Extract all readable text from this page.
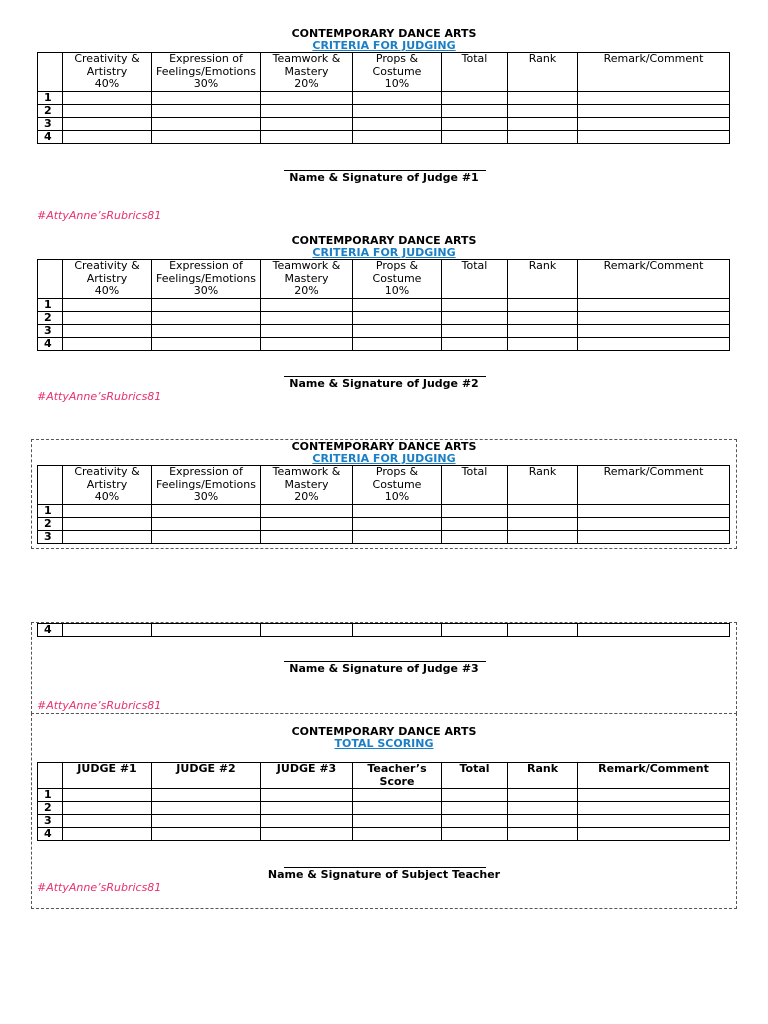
CONTEMPORARY DANCE ARTS
CRITERIA FOR JUDGING
	Creativity &
Artistry
40%	Expression of
Feelings/Emotions
30%	Teamwork &
Mastery
20%	Props &
Costume
10%	Total	Rank	Remark/Comment
1							
2							
3							
4							
Name & Signature of Judge #1
#AttyAnne’sRubrics81
CONTEMPORARY DANCE ARTS
CRITERIA FOR JUDGING
	Creativity &
Artistry
40%	Expression of
Feelings/Emotions
30%	Teamwork &
Mastery
20%	Props &
Costume
10%	Total	Rank	Remark/Comment
1							
2							
3							
4							
Name & Signature of Judge #2
#AttyAnne’sRubrics81
CONTEMPORARY DANCE ARTS
CRITERIA FOR JUDGING
	Creativity &
Artistry
40%	Expression of
Feelings/Emotions
30%	Teamwork &
Mastery
20%	Props &
Costume
10%	Total	Rank	Remark/Comment
1							
2							
3							
4							
Name & Signature of Judge #3
#AttyAnne’sRubrics81
CONTEMPORARY DANCE ARTS
TOTAL SCORING
	JUDGE #1	JUDGE #2	JUDGE #3	Teacher’s
Score	Total	Rank	Remark/Comment
1							
2							
3							
4							
Name & Signature of Subject Teacher
#AttyAnne’sRubrics81
